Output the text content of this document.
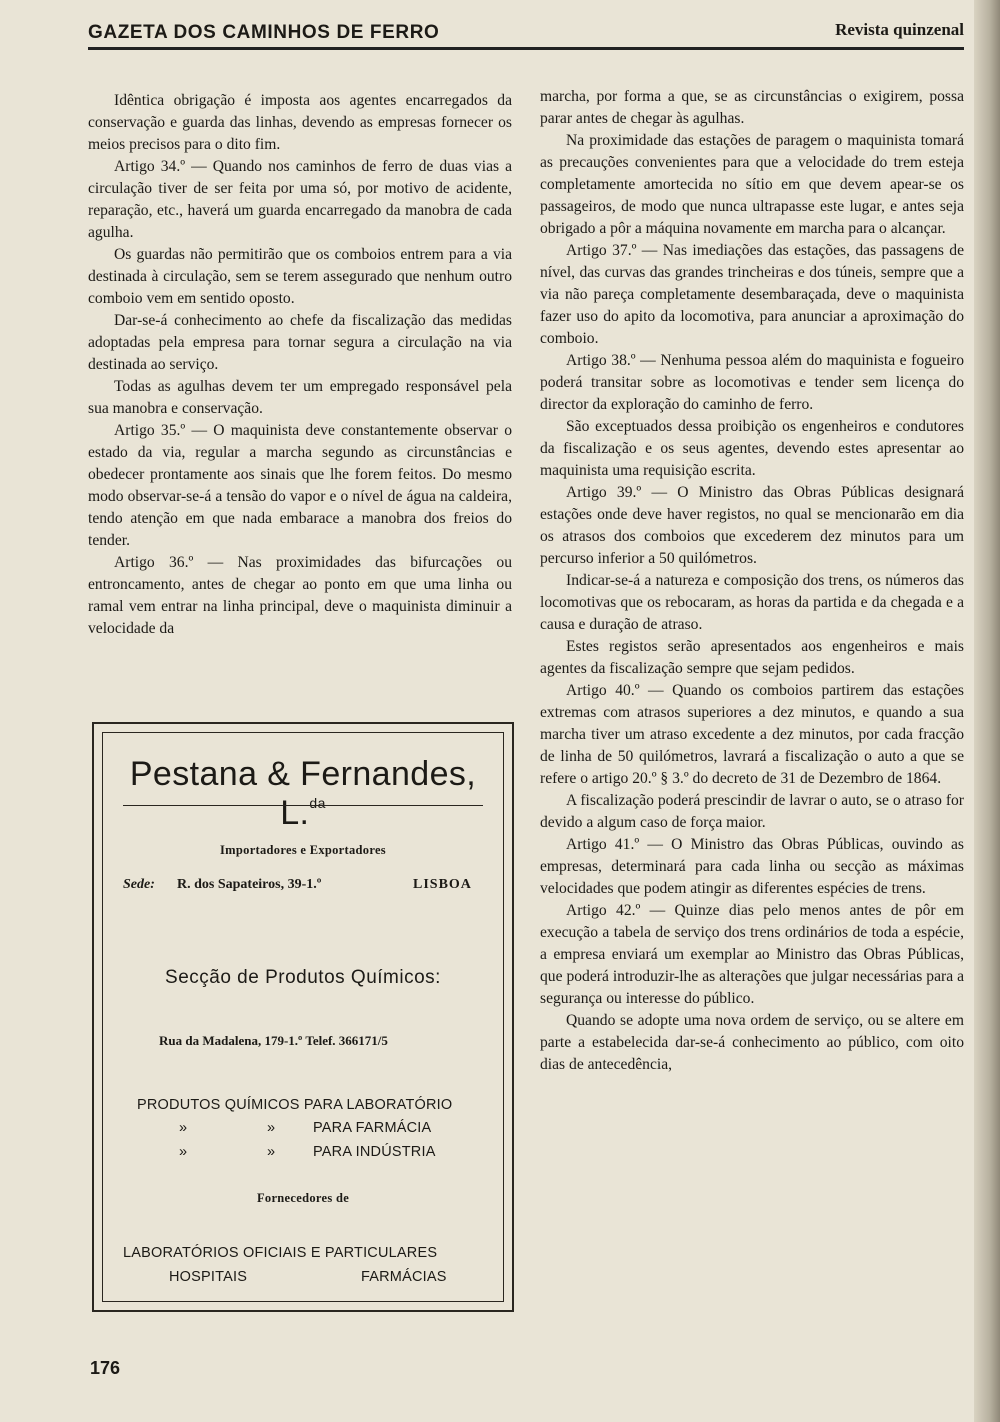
GAZETA DOS CAMINHOS DE FERRO	Revista quinzenal

Idêntica obrigação é imposta aos agentes encarregados da conservação e guarda das linhas, devendo as empresas fornecer os meios precisos para o dito fim.

Artigo 34.º — Quando nos caminhos de ferro de duas vias a circulação tiver de ser feita por uma só, por motivo de acidente, reparação, etc., haverá um guarda encarregado da manobra de cada agulha.

Os guardas não permitirão que os comboios entrem para a via destinada à circulação, sem se terem assegurado que nenhum outro comboio vem em sentido oposto.

Dar-se-á conhecimento ao chefe da fiscalização das medidas adoptadas pela empresa para tornar segura a circulação na via destinada ao serviço.

Todas as agulhas devem ter um empregado responsável pela sua manobra e conservação.

Artigo 35.º — O maquinista deve constantemente observar o estado da via, regular a marcha segundo as circunstâncias e obedecer prontamente aos sinais que lhe forem feitos. Do mesmo modo observar-se-á a tensão do vapor e o nível de água na caldeira, tendo atenção em que nada embarace a manobra dos freios do tender.

Artigo 36.º — Nas proximidades das bifurcações ou entroncamento, antes de chegar ao ponto em que uma linha ou ramal vem entrar na linha principal, deve o maquinista diminuir a velocidade da

marcha, por forma a que, se as circunstâncias o exigirem, possa parar antes de chegar às agulhas.

Na proximidade das estações de paragem o maquinista tomará as precauções convenientes para que a velocidade do trem esteja completamente amortecida no sítio em que devem apear-se os passageiros, de modo que nunca ultrapasse este lugar, e antes seja obrigado a pôr a máquina novamente em marcha para o alcançar.

Artigo 37.º — Nas imediações das estações, das passagens de nível, das curvas das grandes trincheiras e dos túneis, sempre que a via não pareça completamente desembaraçada, deve o maquinista fazer uso do apito da locomotiva, para anunciar a aproximação do comboio.

Artigo 38.º — Nenhuma pessoa além do maquinista e fogueiro poderá transitar sobre as locomotivas e tender sem licença do director da exploração do caminho de ferro.

São exceptuados dessa proibição os engenheiros e condutores da fiscalização e os seus agentes, devendo estes apresentar ao maquinista uma requisição escrita.

Artigo 39.º — O Ministro das Obras Públicas designará estações onde deve haver registos, no qual se mencionarão em dia os atrasos dos comboios que excederem dez minutos para um percurso inferior a 50 quilómetros.

Indicar-se-á a natureza e composição dos trens, os números das locomotivas que os rebocaram, as horas da partida e da chegada e a causa e duração de atraso.

Estes registos serão apresentados aos engenheiros e mais agentes da fiscalização sempre que sejam pedidos.

Artigo 40.º — Quando os comboios partirem das estações extremas com atrasos superiores a dez minutos, e quando a sua marcha tiver um atraso excedente a dez minutos, por cada fracção de linha de 50 quilómetros, lavrará a fiscalização o auto a que se refere o artigo 20.º § 3.º do decreto de 31 de Dezembro de 1864.

A fiscalização poderá prescindir de lavrar o auto, se o atraso for devido a algum caso de força maior.

Artigo 41.º — O Ministro das Obras Públicas, ouvindo as empresas, determinará para cada linha ou secção as máximas velocidades que podem atingir as diferentes espécies de trens.

Artigo 42.º — Quinze dias pelo menos antes de pôr em execução a tabela de serviço dos trens ordinários de toda a espécie, a empresa enviará um exemplar ao Ministro das Obras Públicas, que poderá introduzir-lhe as alterações que julgar necessárias para a segurança ou interesse do público.

Quando se adopte uma nova ordem de serviço, ou se altere em parte a estabelecida dar-se-á conhecimento ao público, com oito dias de antecedência,

Pestana & Fernandes, L.$^{da}$
Importadores e Exportadores
Sede: R. dos Sapateiros, 39-1.º	LISBOA
Secção de Produtos Químicos:
Rua da Madalena, 179-1.º Telef. 366171/5
PRODUTOS QUÍMICOS PARA LABORATÓRIO
»	»	PARA FARMÁCIA
»	»	PARA INDÚSTRIA
Fornecedores de
LABORATÓRIOS OFICIAIS E PARTICULARES
HOSPITAIS	FARMÁCIAS
176
